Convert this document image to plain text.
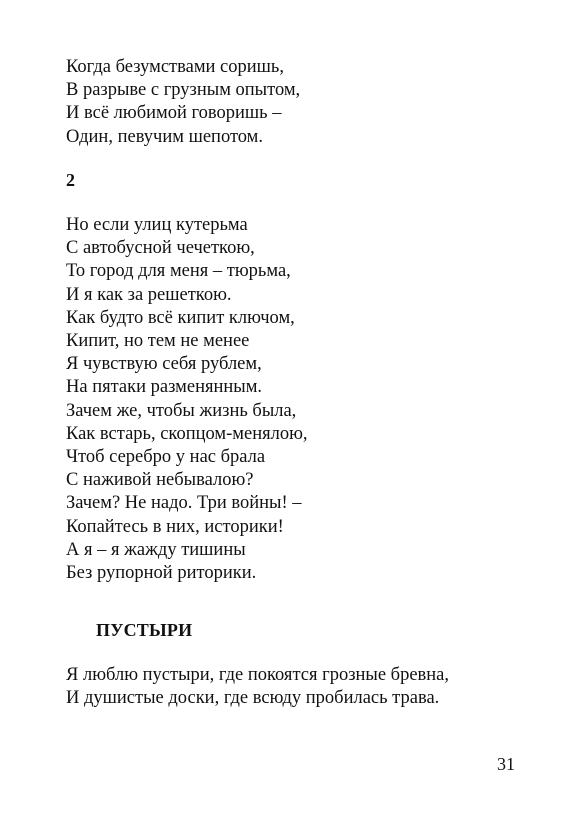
Когда безумствами соришь,
В разрыве с грузным опытом,
И всё любимой говоришь –
Один, певучим шепотом.
2
Но если улиц кутерьма
С автобусной чечеткою,
То город для меня – тюрьма,
И я как за решеткою.
Как будто всё кипит ключом,
Кипит, но тем не менее
Я чувствую себя рублем,
На пятаки разменянным.
Зачем же, чтобы жизнь была,
Как встарь, скопцом-менялою,
Чтоб серебро у нас брала
С наживой небывалою?
Зачем? Не надо. Три войны! –
Копайтесь в них, историки!
А я – я жажду тишины
Без рупорной риторики.
ПУСТЫРИ
Я люблю пустыри, где покоятся грозные бревна,
И душистые доски, где всюду пробилась трава.
31
